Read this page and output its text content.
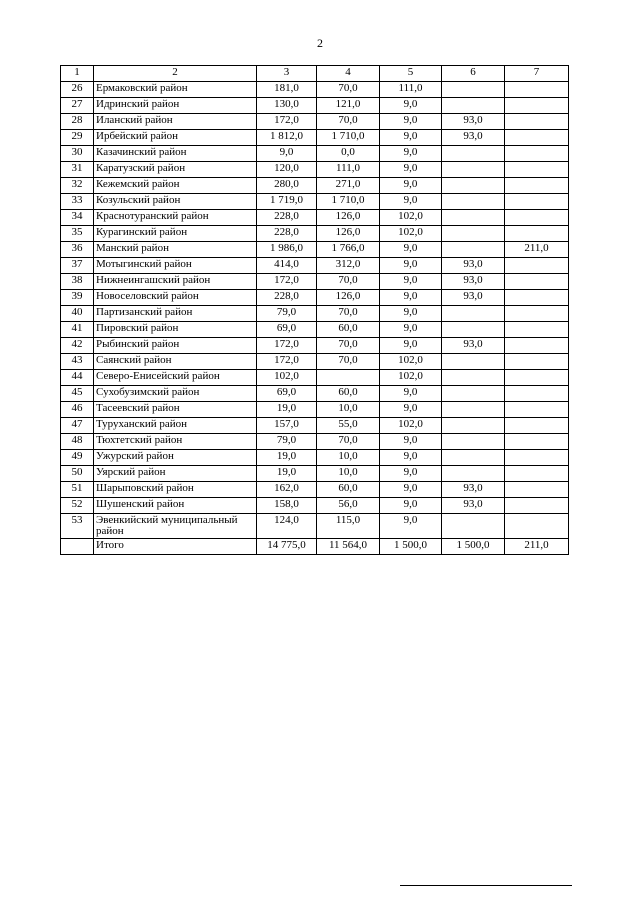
2
1	2	3	4	5	6	7
26	Ермаковский район	181,0	70,0	111,0		
27	Идринский район	130,0	121,0	9,0		
28	Иланский район	172,0	70,0	9,0	93,0	
29	Ирбейский район	1 812,0	1 710,0	9,0	93,0	
30	Казачинский район	9,0	0,0	9,0		
31	Каратузский район	120,0	111,0	9,0		
32	Кежемский район	280,0	271,0	9,0		
33	Козульский район	1 719,0	1 710,0	9,0		
34	Краснотуранский район	228,0	126,0	102,0		
35	Курагинский район	228,0	126,0	102,0		
36	Манский район	1 986,0	1 766,0	9,0		211,0
37	Мотыгинский район	414,0	312,0	9,0	93,0	
38	Нижнеингашский район	172,0	70,0	9,0	93,0	
39	Новоселовский район	228,0	126,0	9,0	93,0	
40	Партизанский район	79,0	70,0	9,0		
41	Пировский район	69,0	60,0	9,0		
42	Рыбинский район	172,0	70,0	9,0	93,0	
43	Саянский район	172,0	70,0	102,0		
44	Северо-Енисейский район	102,0		102,0		
45	Сухобузимский район	69,0	60,0	9,0		
46	Тасеевский район	19,0	10,0	9,0		
47	Туруханский район	157,0	55,0	102,0		
48	Тюхтетский район	79,0	70,0	9,0		
49	Ужурский район	19,0	10,0	9,0		
50	Уярский район	19,0	10,0	9,0		
51	Шарыповский район	162,0	60,0	9,0	93,0	
52	Шушенский район	158,0	56,0	9,0	93,0	
53	Эвенкийский муниципальный район	124,0	115,0	9,0		
	Итого	14 775,0	11 564,0	1 500,0	1 500,0	211,0
